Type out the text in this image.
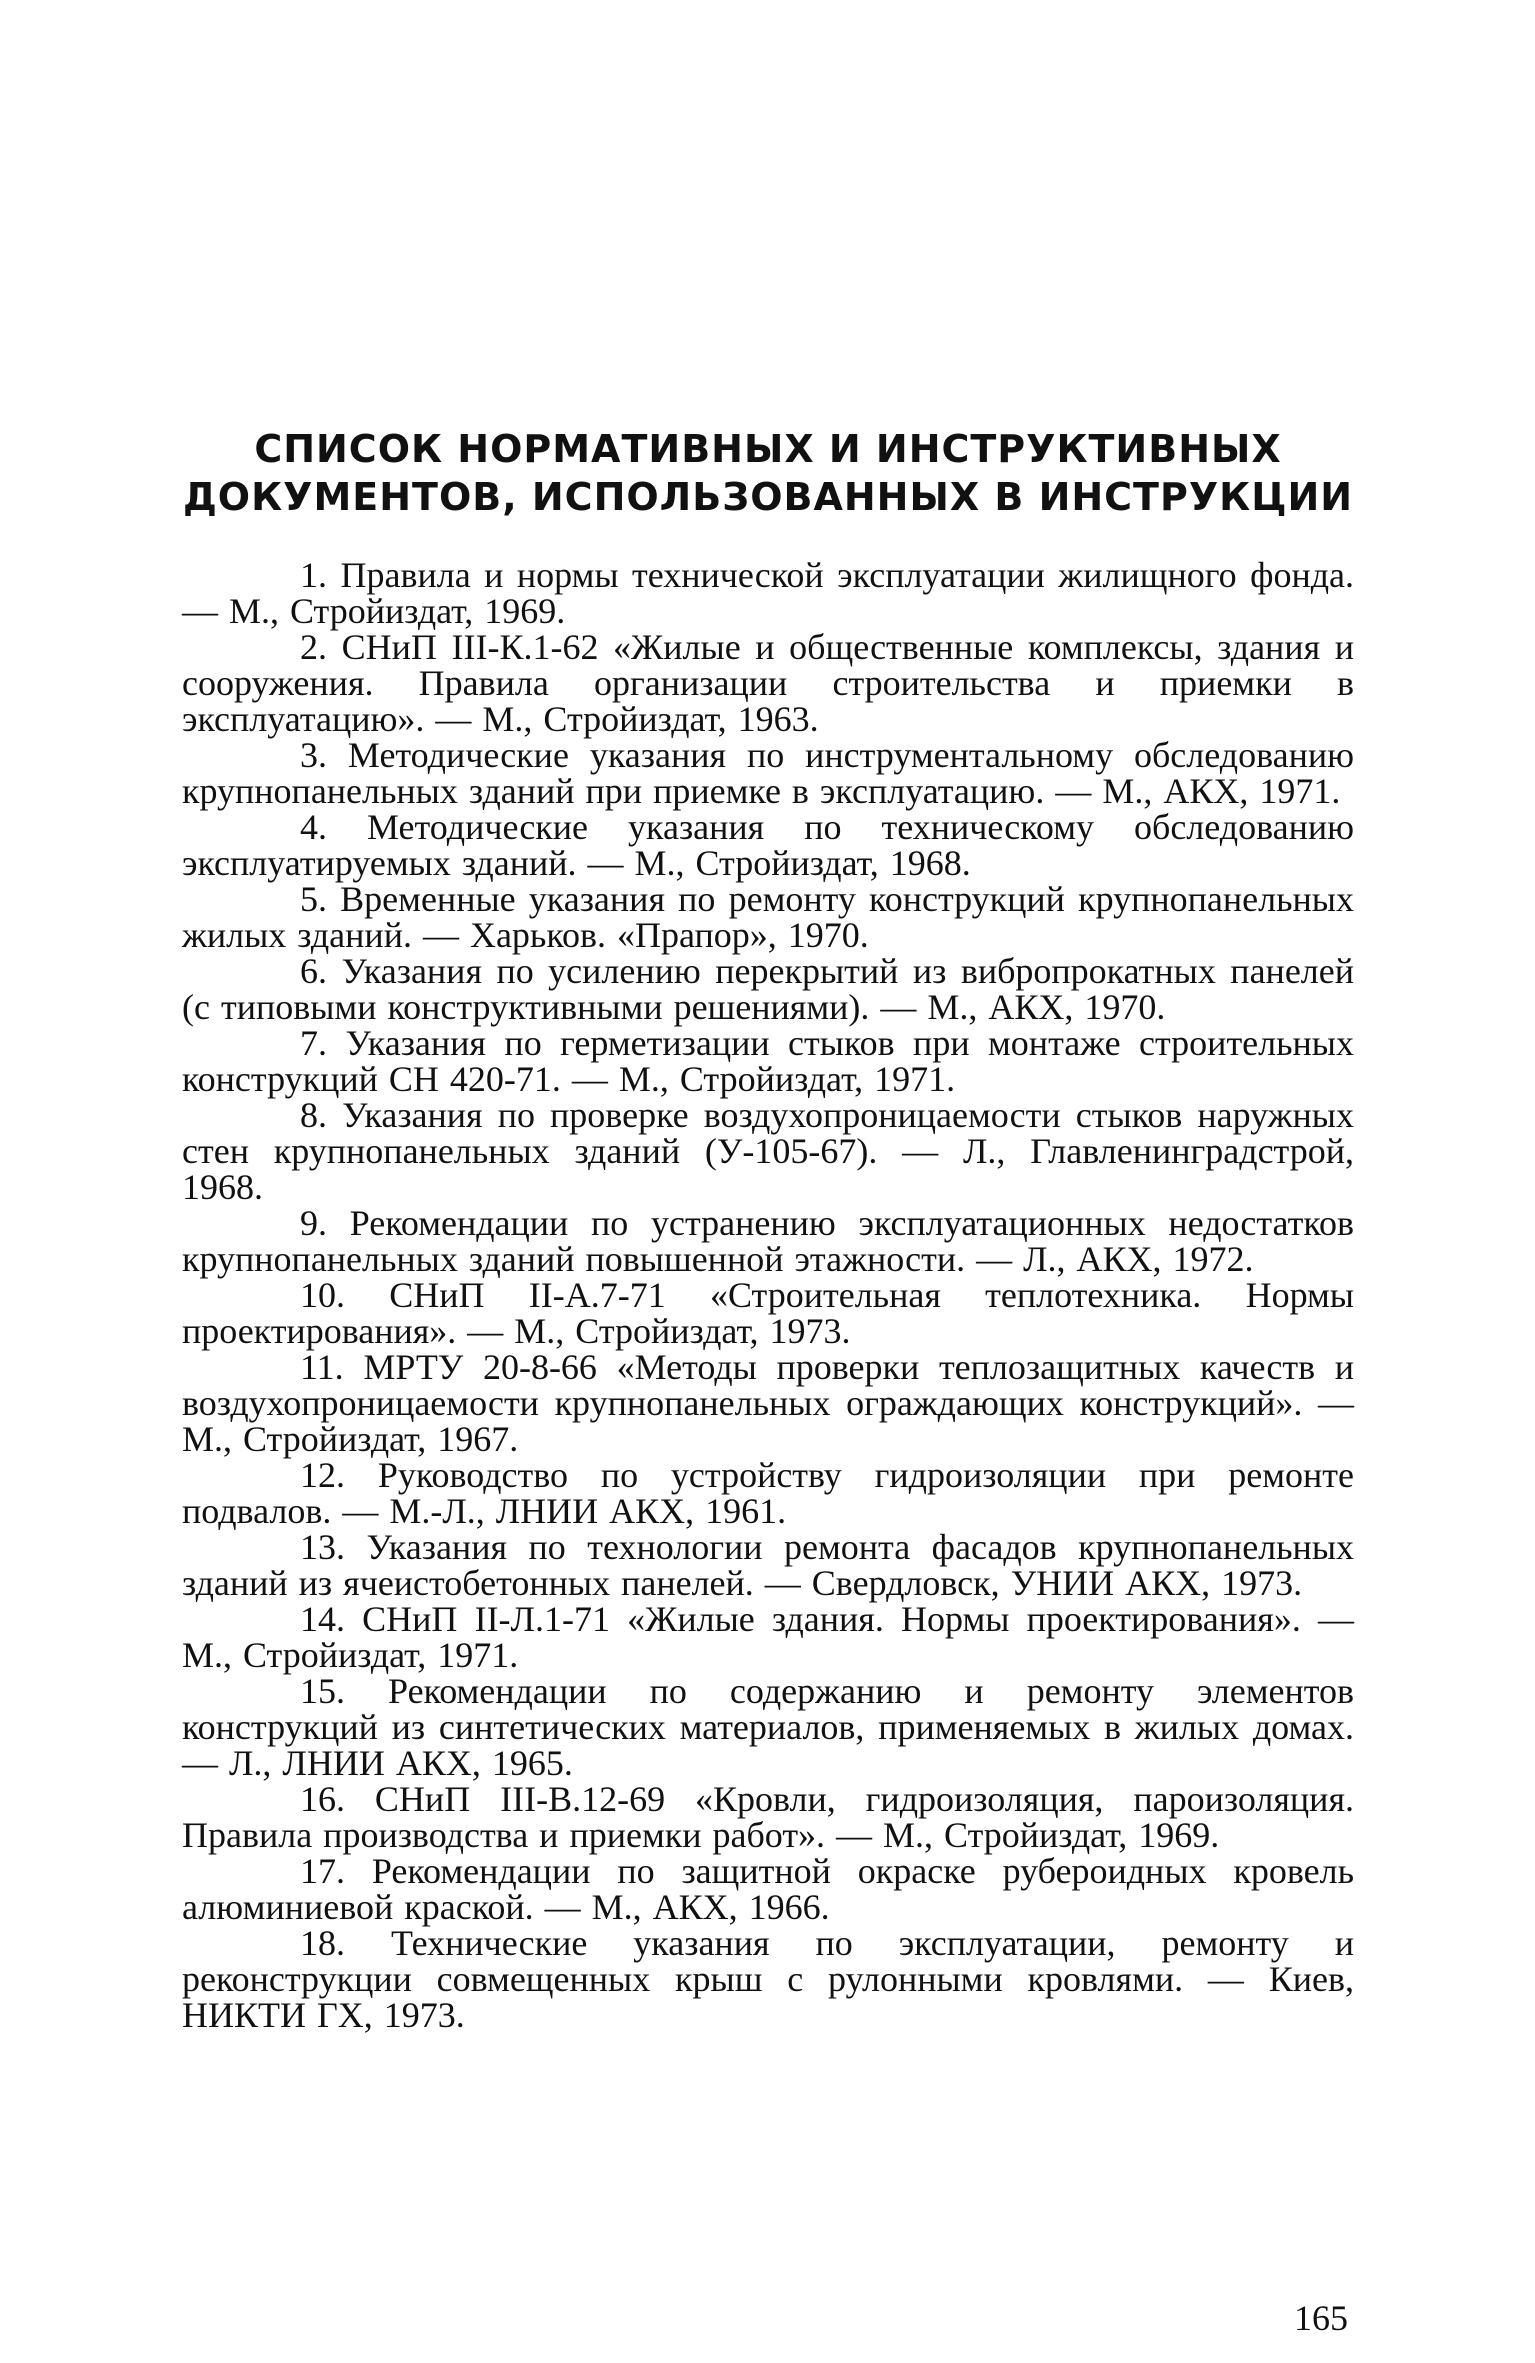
СПИСОК НОРМАТИВНЫХ И ИНСТРУКТИВНЫХ
ДОКУМЕНТОВ, ИСПОЛЬЗОВАННЫХ В ИНСТРУКЦИИ
1. Правила и нормы технической эксплуатации жилищного фонда. — М., Стройиздат, 1969.
2. СНиП III-К.1-62 «Жилые и общественные комплексы, здания и сооружения. Правила организации строительства и приемки в эксплуатацию». — М., Стройиздат, 1963.
3. Методические указания по инструментальному обследованию крупнопанельных зданий при приемке в эксплуатацию. — М., АКХ, 1971.
4. Методические указания по техническому обследованию эксплуатируемых зданий. — М., Стройиздат, 1968.
5. Временные указания по ремонту конструкций крупнопанельных жилых зданий. — Харьков. «Прапор», 1970.
6. Указания по усилению перекрытий из вибропрокатных панелей (с типовыми конструктивными решениями). — М., АКХ, 1970.
7. Указания по герметизации стыков при монтаже строительных конструкций СН 420-71. — М., Стройиздат, 1971.
8. Указания по проверке воздухопроницаемости стыков наружных стен крупнопанельных зданий (У-105-67). — Л., Главленинградстрой, 1968.
9. Рекомендации по устранению эксплуатационных недостатков крупнопанельных зданий повышенной этажности. — Л., АКХ, 1972.
10. СНиП II-А.7-71 «Строительная теплотехника. Нормы проектирования». — М., Стройиздат, 1973.
11. МРТУ 20-8-66 «Методы проверки теплозащитных качеств и воздухопроницаемости крупнопанельных ограждающих конструкций». — М., Стройиздат, 1967.
12. Руководство по устройству гидроизоляции при ремонте подвалов. — М.-Л., ЛНИИ АКХ, 1961.
13. Указания по технологии ремонта фасадов крупнопанельных зданий из ячеистобетонных панелей. — Свердловск, УНИИ АКХ, 1973.
14. СНиП II-Л.1-71 «Жилые здания. Нормы проектирования». — М., Стройиздат, 1971.
15. Рекомендации по содержанию и ремонту элементов конструкций из синтетических материалов, применяемых в жилых домах. — Л., ЛНИИ АКХ, 1965.
16. СНиП III-В.12-69 «Кровли, гидроизоляция, пароизоляция. Правила производства и приемки работ». — М., Стройиздат, 1969.
17. Рекомендации по защитной окраске рубероидных кровель алюминиевой краской. — М., АКХ, 1966.
18. Технические указания по эксплуатации, ремонту и реконструкции совмещенных крыш с рулонными кровлями. — Киев, НИКТИ ГХ, 1973.
165
